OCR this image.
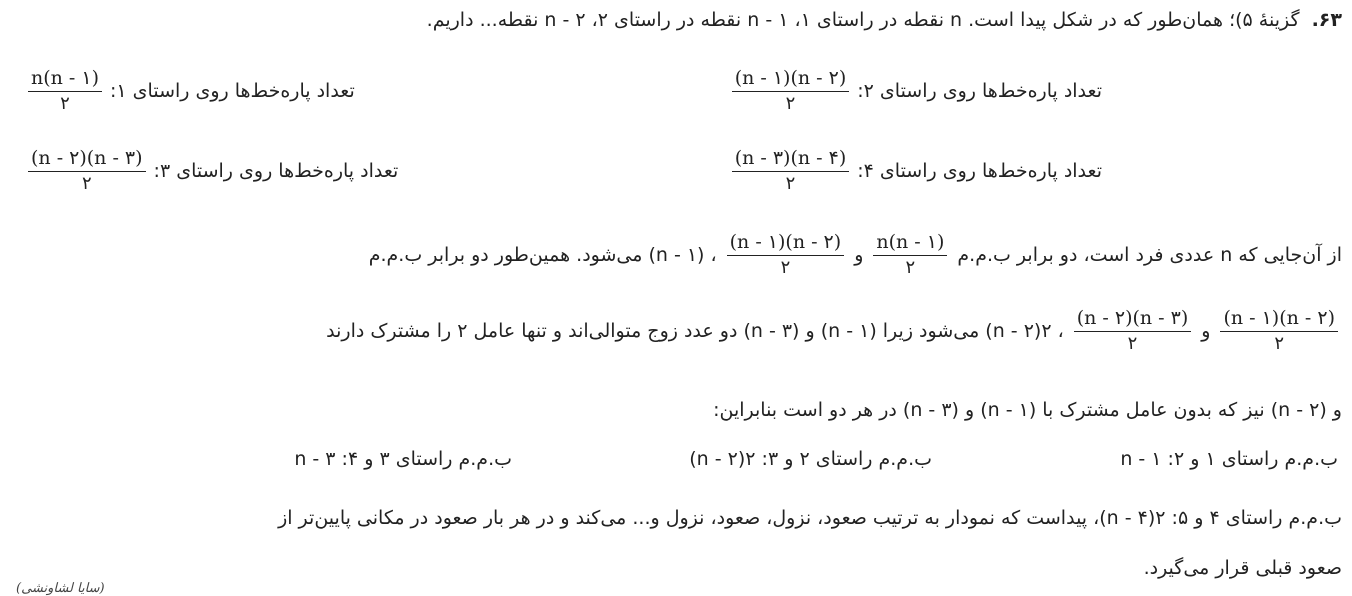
۶۳. گزینهٔ ۵)؛ همان‌طور که در شکل پیدا است. n نقطه در راستای ۱، n - ۱ نقطه در راستای ۲، n - ۲ نقطه... داریم.
تعداد پاره‌خط‌ها روی راستای ۲:
$\frac{(n - ۱)(n - ۲)}{۲}$
تعداد پاره‌خط‌ها روی راستای ۱:
$\frac{n(n - ۱)}{۲}$
تعداد پاره‌خط‌ها روی راستای ۴:
$\frac{(n - ۳)(n - ۴)}{۲}$
تعداد پاره‌خط‌ها روی راستای ۳:
$\frac{(n - ۲)(n - ۳)}{۲}$
از آن‌جایی که n عددی فرد است، دو برابر ب.م.م
$\frac{n(n - ۱)}{۲}$
و
$\frac{(n - ۱)(n - ۲)}{۲}$
، (n - ۱) می‌شود. همین‌طور دو برابر ب.م.م
$\frac{(n - ۱)(n - ۲)}{۲}$
و
$\frac{(n - ۲)(n - ۳)}{۲}$
، ۲(n - ۲) می‌شود زیرا (n - ۱) و (n - ۳) دو عدد زوج متوالی‌اند و تنها عامل ۲ را مشترک دارند
و (n - ۲) نیز که بدون عامل مشترک با (n - ۱) و (n - ۳) در هر دو است بنابراین:
ب.م.م راستای ۱ و ۲: n - ۱
ب.م.م راستای ۲ و ۳: ۲(n - ۲)
ب.م.م راستای ۳ و ۴: n - ۳
ب.م.م راستای ۴ و ۵: ۲(n - ۴)، پیداست که نمودار به ترتیب صعود، نزول، صعود، نزول و... می‌کند و در هر بار صعود در مکانی پایین‌تر از
صعود قبلی قرار می‌گیرد.
(سایا لشاونشی)
